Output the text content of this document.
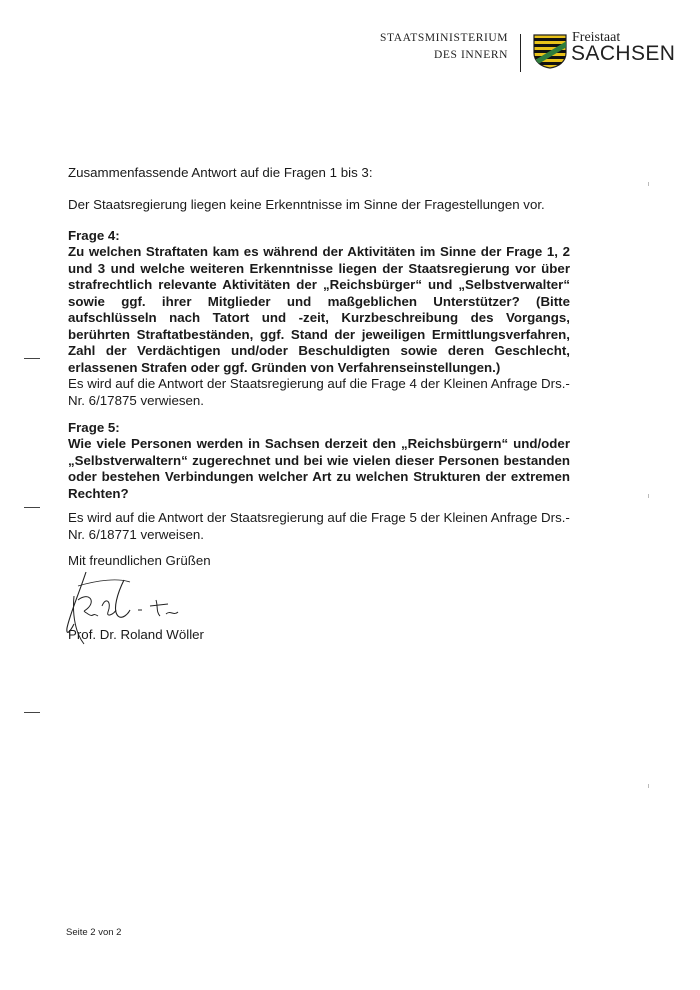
STAATSMINISTERIUM
DES INNERN
Freistaat
SACHSEN
Zusammenfassende Antwort auf die Fragen 1 bis 3:
Der Staatsregierung liegen keine Erkenntnisse im Sinne der Fragestellungen vor.
Frage 4:
Zu welchen Straftaten kam es während der Aktivitäten im Sinne der Frage 1, 2 und 3 und welche weiteren Erkenntnisse liegen der Staatsregierung vor über strafrechtlich relevante Aktivitäten der „Reichsbürger“ und „Selbstverwalter“ sowie ggf. ihrer Mitglieder und maßgeblichen Unterstützer? (Bitte aufschlüsseln nach Tatort und -zeit, Kurzbeschreibung des Vorgangs, berührten Straftatbeständen, ggf. Stand der jeweiligen Ermittlungsverfahren, Zahl der Verdächtigen und/oder Beschuldigten sowie deren Geschlecht, erlassenen Strafen oder ggf. Gründen von Verfahrenseinstellungen.)
Es wird auf die Antwort der Staatsregierung auf die Frage 4 der Kleinen Anfrage Drs.-Nr. 6/17875 verwiesen.
Frage 5:
Wie viele Personen werden in Sachsen derzeit den „Reichsbürgern“ und/oder „Selbstverwaltern“ zugerechnet und bei wie vielen dieser Personen bestanden oder bestehen Verbindungen welcher Art zu welchen Strukturen der extremen Rechten?
Es wird auf die Antwort der Staatsregierung auf die Frage 5 der Kleinen Anfrage Drs.-Nr. 6/18771 verweisen.
Mit freundlichen Grüßen
Prof. Dr. Roland Wöller
Seite 2 von 2
